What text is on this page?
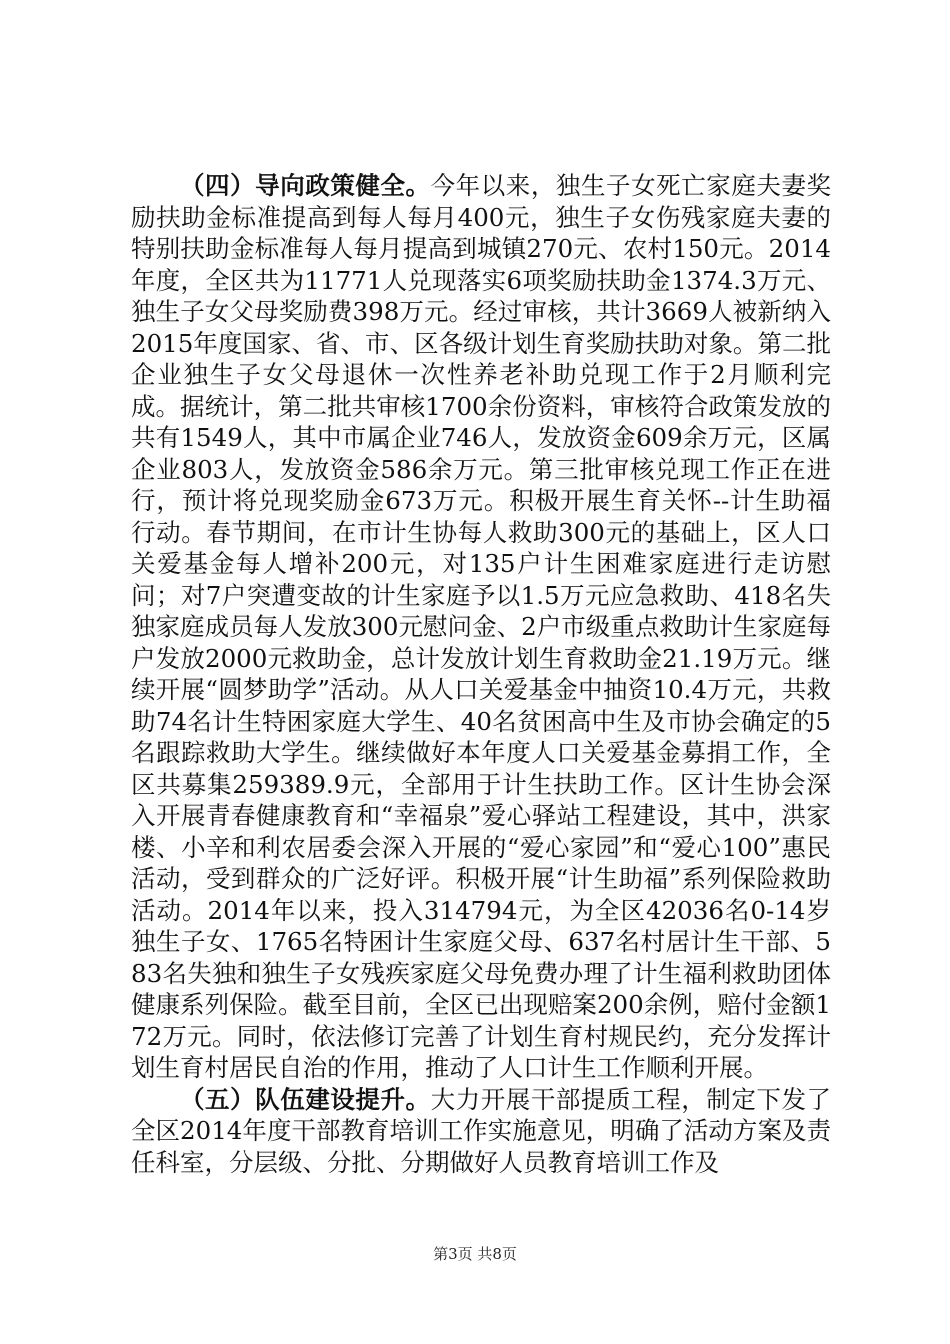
（四）导向政策健全。今年以来，独生子女死亡家庭夫妻奖励扶助金标准提高到每人每月400元，独生子女伤残家庭夫妻的特别扶助金标准每人每月提高到城镇270元、农村150元。2014年度，全区共为11771人兑现落实6项奖励扶助金1374.3万元、独生子女父母奖励费398万元。经过审核，共计3669人被新纳入2015年度国家、省、市、区各级计划生育奖励扶助对象。第二批企业独生子女父母退休一次性养老补助兑现工作于2月顺利完成。据统计，第二批共审核1700余份资料，审核符合政策发放的共有1549人，其中市属企业746人，发放资金609余万元，区属企业803人，发放资金586余万元。第三批审核兑现工作正在进行，预计将兑现奖励金673万元。积极开展生育关怀--计生助福行动。春节期间，在市计生协每人救助300元的基础上，区人口关爱基金每人增补200元，对135户计生困难家庭进行走访慰问；对7户突遭变故的计生家庭予以1.5万元应急救助、418名失独家庭成员每人发放300元慰问金、2户市级重点救助计生家庭每户发放2000元救助金，总计发放计划生育救助金21.19万元。继续开展“圆梦助学”活动。从人口关爱基金中抽资10.4万元，共救助74名计生特困家庭大学生、40名贫困高中生及市协会确定的5名跟踪救助大学生。继续做好本年度人口关爱基金募捐工作，全区共募集259389.9元，全部用于计生扶助工作。区计生协会深入开展青春健康教育和“幸福泉”爱心驿站工程建设，其中，洪家楼、小辛和利农居委会深入开展的“爱心家园”和“爱心100”惠民活动，受到群众的广泛好评。积极开展“计生助福”系列保险救助活动。2014年以来，投入314794元，为全区42036名0-14岁独生子女、1765名特困计生家庭父母、637名村居计生干部、583名失独和独生子女残疾家庭父母免费办理了计生福利救助团体健康系列保险。截至目前，全区已出现赔案200余例，赔付金额172万元。同时，依法修订完善了计划生育村规民约，充分发挥计划生育村居民自治的作用，推动了人口计生工作顺利开展。

（五）队伍建设提升。大力开展干部提质工程，制定下发了全区2014年度干部教育培训工作实施意见，明确了活动方案及责任科室，分层级、分批、分期做好人员教育培训工作及

第3页 共8页
